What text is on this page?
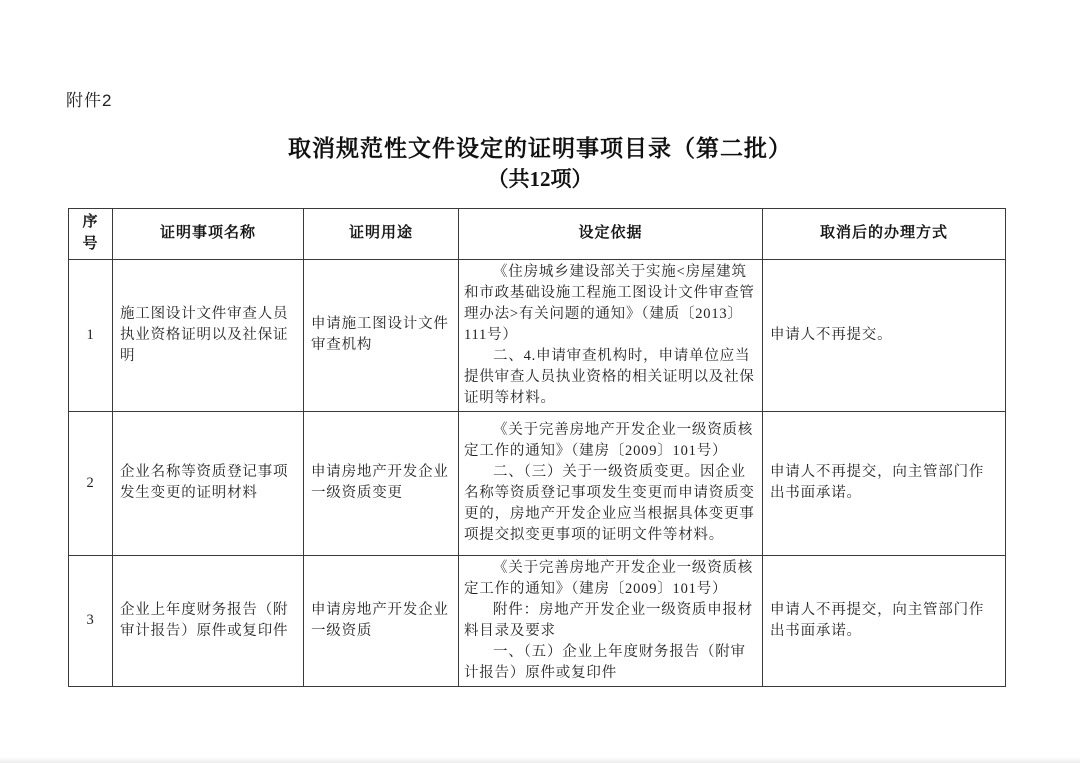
附件2
取消规范性文件设定的证明事项目录（第二批）
（共12项）
序号	证明事项名称	证明用途	设定依据	取消后的办理方式
1	施工图设计文件审查人员执业资格证明以及社保证明	申请施工图设计文件审查机构	《住房城乡建设部关于实施<房屋建筑和市政基础设施工程施工图设计文件审查管理办法>有关问题的通知》（建质〔2013〕111号）

二、4.申请审查机构时，申请单位应当提供审查人员执业资格的相关证明以及社保证明等材料。	申请人不再提交。
2	企业名称等资质登记事项发生变更的证明材料	申请房地产开发企业一级资质变更	《关于完善房地产开发企业一级资质核定工作的通知》（建房〔2009〕101号）

二、（三）关于一级资质变更。因企业名称等资质登记事项发生变更而申请资质变更的，房地产开发企业应当根据具体变更事项提交拟变更事项的证明文件等材料。	申请人不再提交，向主管部门作出书面承诺。
3	企业上年度财务报告（附审计报告）原件或复印件	申请房地产开发企业一级资质	《关于完善房地产开发企业一级资质核定工作的通知》（建房〔2009〕101号）

附件：房地产开发企业一级资质申报材料目录及要求

一、（五）企业上年度财务报告（附审计报告）原件或复印件	申请人不再提交，向主管部门作出书面承诺。
